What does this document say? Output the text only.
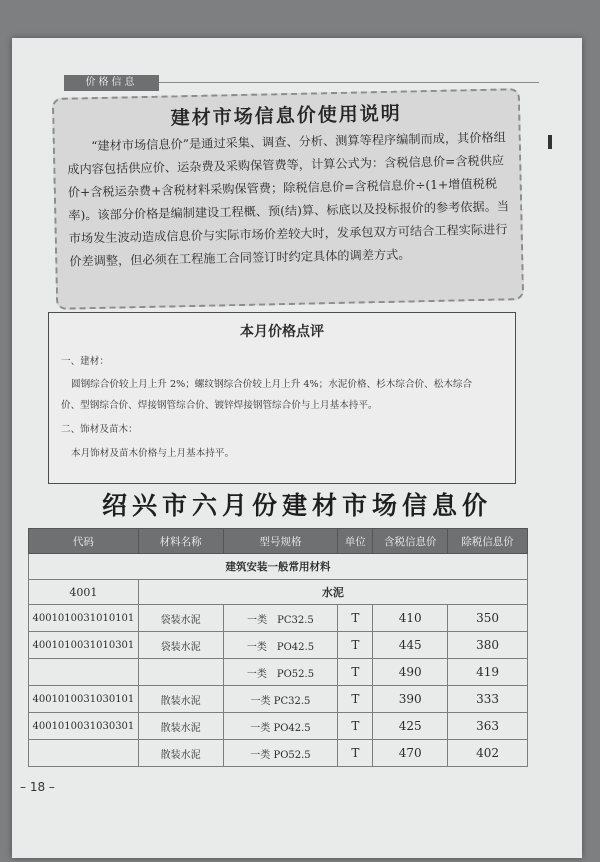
价格信息
建材市场信息价使用说明
“建材市场信息价”是通过采集、调查、分析、测算等程序编制而成，其价格组成内容包括供应价、运杂费及采购保管费等，计算公式为：含税信息价=含税供应价+含税运杂费+含税材料采购保管费；除税信息价=含税信息价÷(1+增值税税率)。该部分价格是编制建设工程概、预(结)算、标底以及投标报价的参考依据。当市场发生波动造成信息价与实际市场价差较大时，发承包双方可结合工程实际进行价差调整，但必须在工程施工合同签订时约定具体的调差方式。
本月价格点评
一、建材：
圆钢综合价较上月上升 2%；螺纹钢综合价较上月上升 4%；水泥价格、杉木综合价、松木综合
价、型钢综合价、焊接钢管综合价、镀锌焊接钢管综合价与上月基本持平。
二、饰材及苗木：
本月饰材及苗木价格与上月基本持平。
绍兴市六月份建材市场信息价
代码	材料名称	型号规格	单位	含税信息价	除税信息价
建筑安装一般常用材料					
4001	水泥				
4001010031010101	袋装水泥	一类　PC32.5	T	410	350
4001010031010301	袋装水泥	一类　PO42.5	T	445	380
		一类　PO52.5	T	490	419
4001010031030101	散装水泥	一类 PC32.5	T	390	333
4001010031030301	散装水泥	一类 PO42.5	T	425	363
	散装水泥	一类 PO52.5	T	470	402
– 18 –
